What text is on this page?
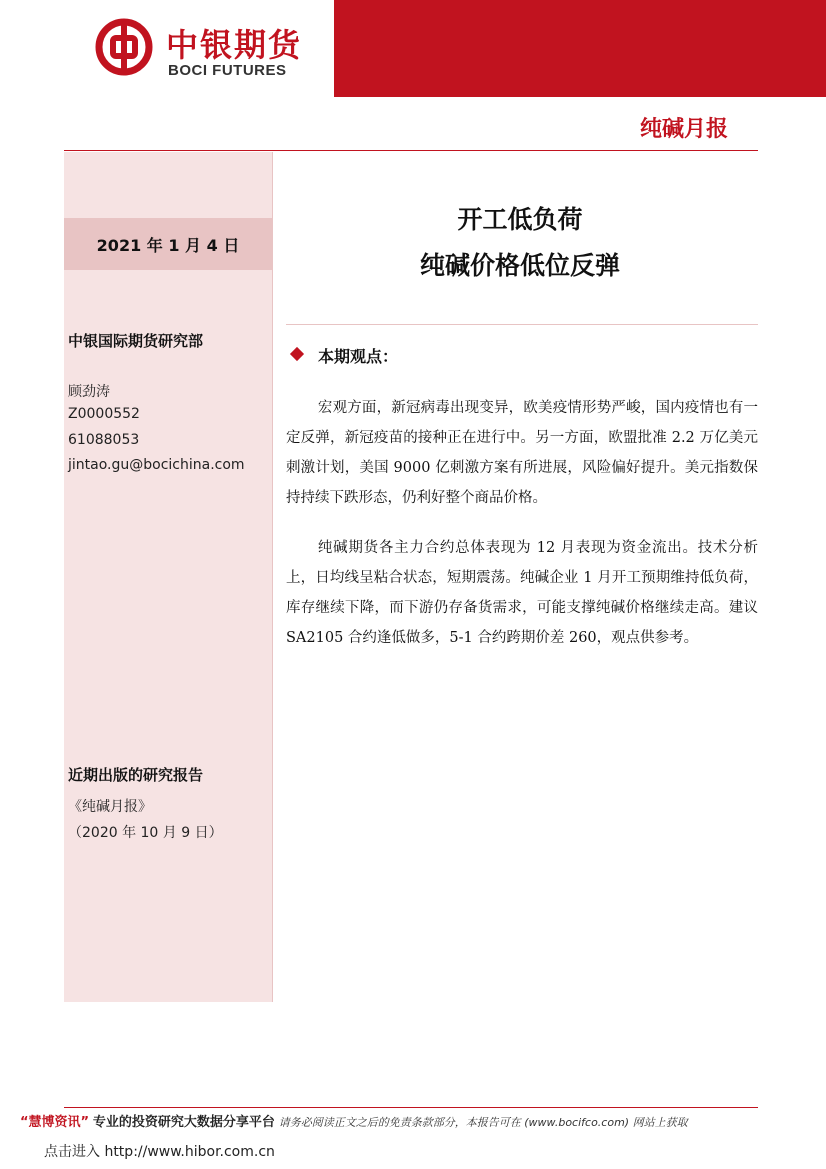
中银期货
BOCI FUTURES
纯碱月报
2021 年 1 月 4 日
开工低负荷
纯碱价格低位反弹
中银国际期货研究部
顾劲涛
Z0000552
61088053
jintao.gu@bocichina.com
近期出版的研究报告
《纯碱月报》
（2020 年 10 月 9 日）
本期观点：
宏观方面，新冠病毒出现变异，欧美疫情形势严峻，国内疫情也有一定反弹，新冠疫苗的接种正在进行中。另一方面，欧盟批准 2.2 万亿美元刺激计划，美国 9000 亿刺激方案有所进展，风险偏好提升。美元指数保持持续下跌形态，仍利好整个商品价格。
纯碱期货各主力合约总体表现为 12 月表现为资金流出。技术分析上，日均线呈粘合状态，短期震荡。纯碱企业 1 月开工预期维持低负荷，库存继续下降，而下游仍存备货需求，可能支撑纯碱价格继续走高。建议 SA2105 合约逢低做多，5-1 合约跨期价差 260，观点供参考。
“慧博资讯” 专业的投资研究大数据分享平台 请务必阅读正文之后的免责条款部分，本报告可在 (www.bocifco.com) 网站上获取
点击进入 http://www.hibor.com.cn
